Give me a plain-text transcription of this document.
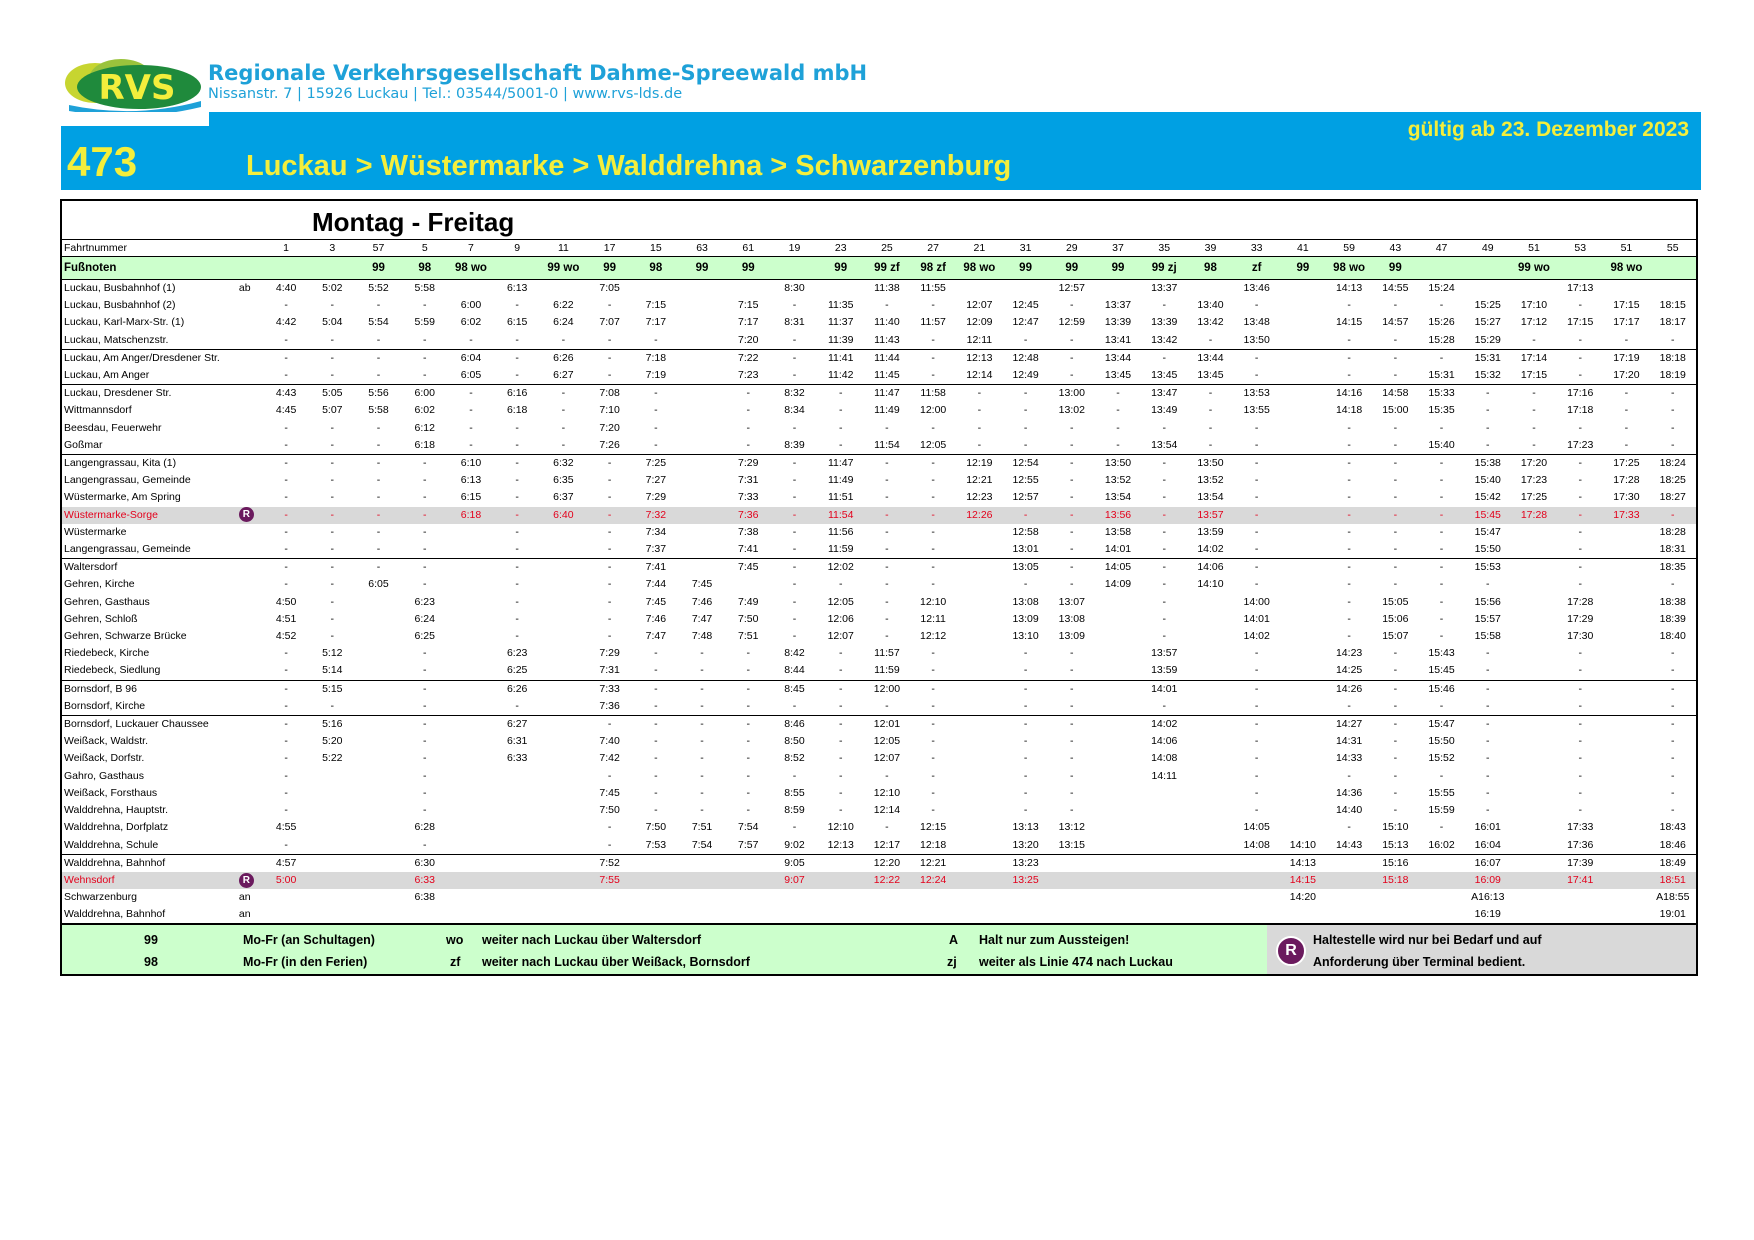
RVS Regionale Verkehrsgesellschaft Dahme-Spreewald mbH
Nissanstr. 7 | 15926 Luckau | Tel.: 03544/5001-0 | www.rvs-lds.de
gültig ab 23. Dezember 2023
473	Luckau > Wüstermarke > Walddrehna > Schwarzenburg
Montag - Freitag
Fahrtnummer		1	3	57	5	7	9	11	17	15	63	61	19	23	25	27	21	31	29	37	35	39	33	41	59	43	47	49	51	53	51	55
Fußnoten				99	98	98 wo		99 wo	99	98	99	99		99	99 zf	98 zf	98 wo	99	99	99	99 zj	98	zf	99	98 wo	99			99 wo		98 wo	
Luckau, Busbahnhof (1)	ab	4:40	5:02	5:52	5:58		6:13		7:05				8:30		11:38	11:55			12:57		13:37		13:46		14:13	14:55	15:24			17:13		
Luckau, Busbahnhof (2)		-	-	-	-	6:00	-	6:22	-	7:15		7:15	-	11:35	-	-	12:07	12:45	-	13:37	-	13:40	-		-	-	-	15:25	17:10	-	17:15	18:15
Luckau, Karl-Marx-Str. (1)		4:42	5:04	5:54	5:59	6:02	6:15	6:24	7:07	7:17		7:17	8:31	11:37	11:40	11:57	12:09	12:47	12:59	13:39	13:39	13:42	13:48		14:15	14:57	15:26	15:27	17:12	17:15	17:17	18:17
Luckau, Matschenzstr.		-	-	-	-	-	-	-	-	-		7:20	-	11:39	11:43	-	12:11	-	-	13:41	13:42	-	13:50		-	-	15:28	15:29	-	-	-	-
Luckau, Am Anger/Dresdener Str.		-	-	-	-	6:04	-	6:26	-	7:18		7:22	-	11:41	11:44	-	12:13	12:48	-	13:44	-	13:44	-		-	-	-	15:31	17:14	-	17:19	18:18
Luckau, Am Anger		-	-	-	-	6:05	-	6:27	-	7:19		7:23	-	11:42	11:45	-	12:14	12:49	-	13:45	13:45	13:45	-		-	-	15:31	15:32	17:15	-	17:20	18:19
Luckau, Dresdener Str.		4:43	5:05	5:56	6:00	-	6:16	-	7:08	-		-	8:32	-	11:47	11:58	-	-	13:00	-	13:47	-	13:53		14:16	14:58	15:33	-	-	17:16	-	-
Wittmannsdorf		4:45	5:07	5:58	6:02	-	6:18	-	7:10	-		-	8:34	-	11:49	12:00	-	-	13:02	-	13:49	-	13:55		14:18	15:00	15:35	-	-	17:18	-	-
Beesdau, Feuerwehr		-	-	-	6:12	-	-	-	7:20	-		-	-	-	-	-	-	-	-	-	-	-	-		-	-	-	-	-	-	-	-
Goßmar		-	-	-	6:18	-	-	-	7:26	-		-	8:39	-	11:54	12:05	-	-	-	-	13:54	-	-		-	-	15:40	-	-	17:23	-	-
Langengrassau, Kita (1)		-	-	-	-	6:10	-	6:32	-	7:25		7:29	-	11:47	-	-	12:19	12:54	-	13:50	-	13:50	-		-	-	-	15:38	17:20	-	17:25	18:24
Langengrassau, Gemeinde		-	-	-	-	6:13	-	6:35	-	7:27		7:31	-	11:49	-	-	12:21	12:55	-	13:52	-	13:52	-		-	-	-	15:40	17:23	-	17:28	18:25
Wüstermarke, Am Spring		-	-	-	-	6:15	-	6:37	-	7:29		7:33	-	11:51	-	-	12:23	12:57	-	13:54	-	13:54	-		-	-	-	15:42	17:25	-	17:30	18:27
Wüstermarke-Sorge	R	-	-	-	-	6:18	-	6:40	-	7:32		7:36	-	11:54	-	-	12:26	-	-	13:56	-	13:57	-		-	-	-	15:45	17:28	-	17:33	-
Wüstermarke		-	-	-	-		-		-	7:34		7:38	-	11:56	-	-		12:58	-	13:58	-	13:59	-		-	-	-	15:47		-		18:28
Langengrassau, Gemeinde		-	-	-	-		-		-	7:37		7:41	-	11:59	-	-		13:01	-	14:01	-	14:02	-		-	-	-	15:50		-		18:31
Waltersdorf		-	-	-	-		-		-	7:41		7:45	-	12:02	-	-		13:05	-	14:05	-	14:06	-		-	-	-	15:53		-		18:35
Gehren, Kirche		-	-	6:05	-		-		-	7:44	7:45		-	-	-	-		-	-	14:09	-	14:10	-		-	-	-	-		-		-
Gehren, Gasthaus		4:50	-		6:23		-		-	7:45	7:46	7:49	-	12:05	-	12:10		13:08	13:07		-		14:00		-	15:05	-	15:56		17:28		18:38
Gehren, Schloß		4:51	-		6:24		-		-	7:46	7:47	7:50	-	12:06	-	12:11		13:09	13:08		-		14:01		-	15:06	-	15:57		17:29		18:39
Gehren, Schwarze Brücke		4:52	-		6:25		-		-	7:47	7:48	7:51	-	12:07	-	12:12		13:10	13:09		-		14:02		-	15:07	-	15:58		17:30		18:40
Riedebeck, Kirche		-	5:12		-		6:23		7:29	-	-	-	8:42	-	11:57	-		-	-		13:57		-		14:23	-	15:43	-		-		-
Riedebeck, Siedlung		-	5:14		-		6:25		7:31	-	-	-	8:44	-	11:59	-		-	-		13:59		-		14:25	-	15:45	-		-		-
Bornsdorf, B 96		-	5:15		-		6:26		7:33	-	-	-	8:45	-	12:00	-		-	-		14:01		-		14:26	-	15:46	-		-		-
Bornsdorf, Kirche		-	-		-		-		7:36	-	-	-	-	-	-	-		-	-		-		-		-	-	-	-		-		-
Bornsdorf, Luckauer Chaussee		-	5:16		-		6:27		-	-	-	-	8:46	-	12:01	-		-	-		14:02		-		14:27	-	15:47	-		-		-
Weißack, Waldstr.		-	5:20		-		6:31		7:40	-	-	-	8:50	-	12:05	-		-	-		14:06		-		14:31	-	15:50	-		-		-
Weißack, Dorfstr.		-	5:22		-		6:33		7:42	-	-	-	8:52	-	12:07	-		-	-		14:08		-		14:33	-	15:52	-		-		-
Gahro, Gasthaus		-			-				-	-	-	-	-	-	-	-		-	-		14:11		-		-	-	-	-		-		-
Weißack, Forsthaus		-			-				7:45	-	-	-	8:55	-	12:10	-		-	-				-		14:36	-	15:55	-		-		-
Walddrehna, Hauptstr.		-			-				7:50	-	-	-	8:59	-	12:14	-		-	-				-		14:40	-	15:59	-		-		-
Walddrehna, Dorfplatz		4:55			6:28				-	7:50	7:51	7:54	-	12:10	-	12:15		13:13	13:12				14:05		-	15:10	-	16:01		17:33		18:43
Walddrehna, Schule		-			-				-	7:53	7:54	7:57	9:02	12:13	12:17	12:18		13:20	13:15				14:08	14:10	14:43	15:13	16:02	16:04		17:36		18:46
Walddrehna, Bahnhof		4:57			6:30				7:52				9:05		12:20	12:21		13:23						14:13		15:16		16:07		17:39		18:49
Wehnsdorf	R	5:00			6:33				7:55				9:07		12:22	12:24		13:25						14:15		15:18		16:09		17:41		18:51
Schwarzenburg	an				6:38																			14:20				A16:13				A18:55
Walddrehna, Bahnhof	an																											16:19				19:01
99	Mo-Fr (an Schultagen)
98	Mo-Fr (in den Ferien)
wo weiter nach Luckau über Waltersdorf
zf weiter nach Luckau über Weißack, Bornsdorf
A Halt nur zum Aussteigen!
zj weiter als Linie 474 nach Luckau
R
Haltestelle wird nur bei Bedarf und auf
Anforderung über Terminal bedient.
